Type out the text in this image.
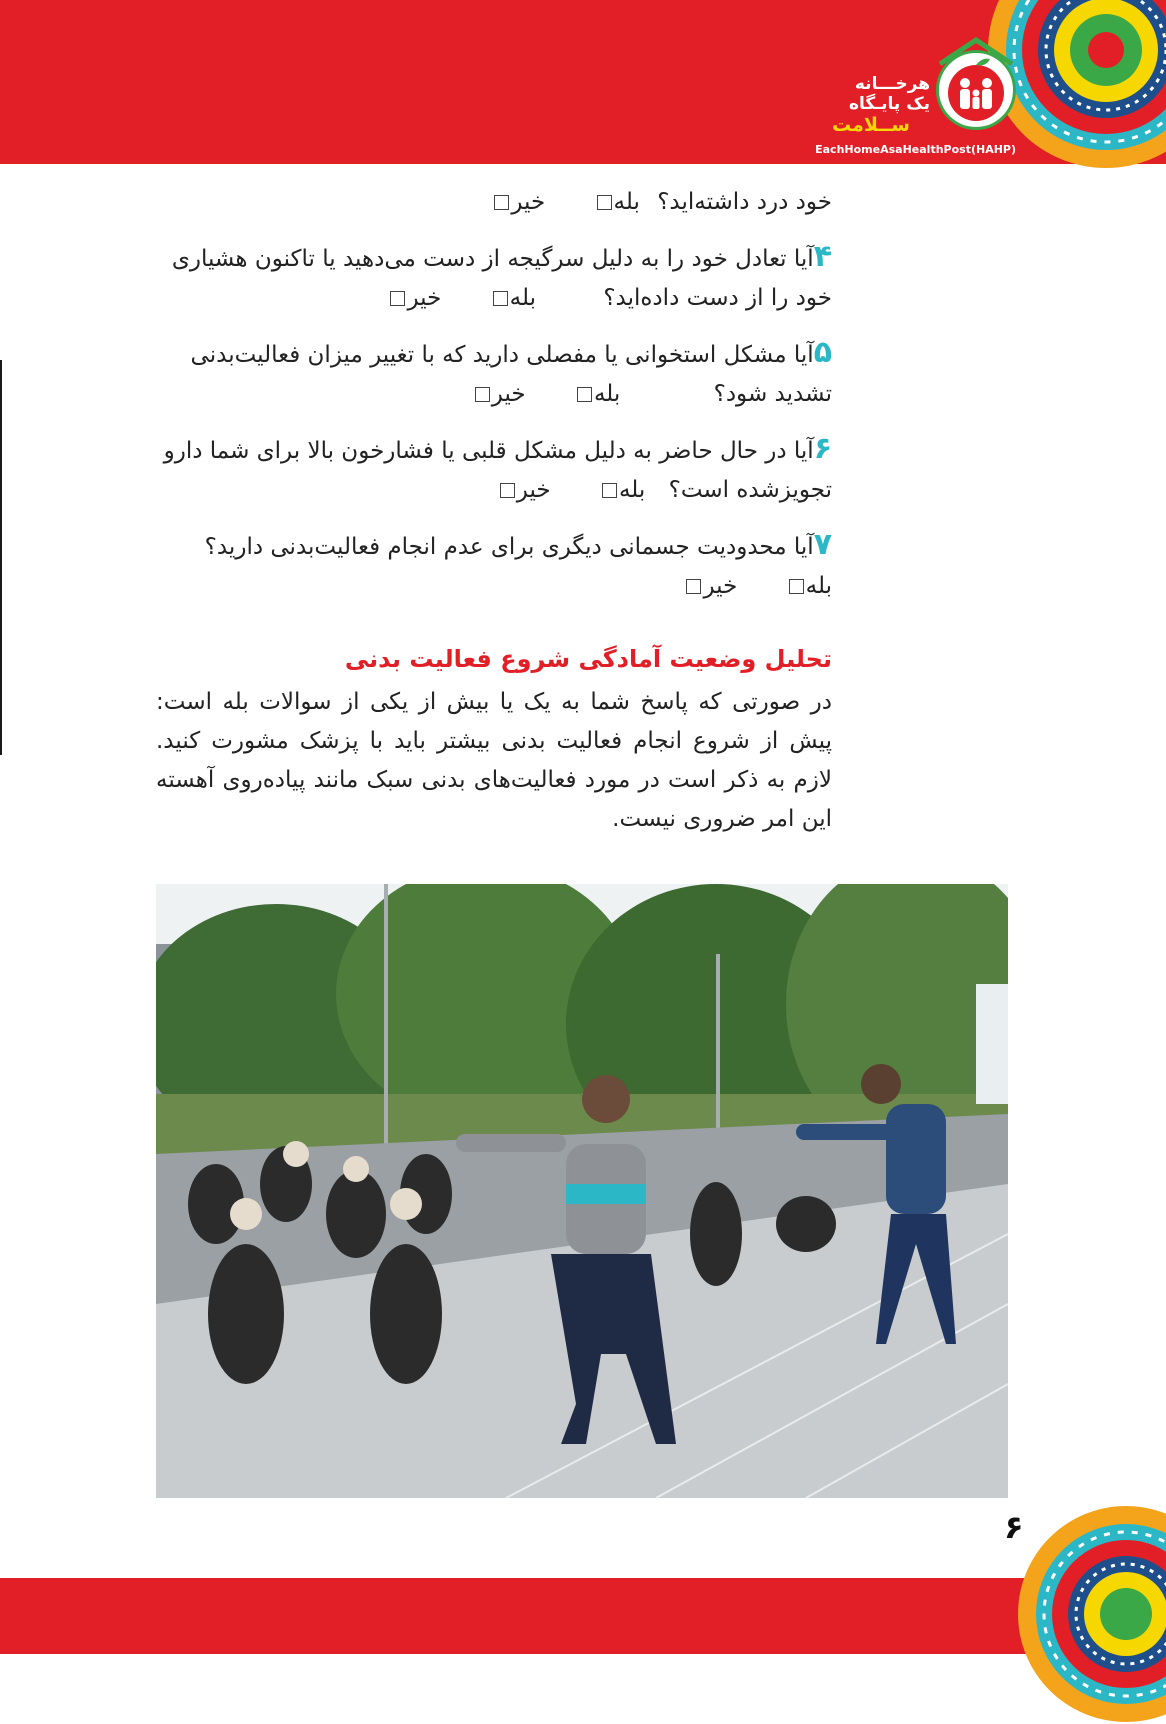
هرخـــانه
یک پایـگاه
ســلامت
EachHomeAsaHealthPost(HAHP)
خود درد داشته‌اید؟ بله خیر
۴آیا تعادل خود را به دلیل سرگیجه از دست می‌دهید یا تاکنون هشیاری
خود را از دست داده‌اید؟ بله خیر
۵آیا مشکل استخوانی یا مفصلی دارید که با تغییر میزان فعالیت‌بدنی
تشدید شود؟ بله خیر
۶آیا در حال حاضر به دلیل مشکل قلبی یا فشارخون بالا برای شما دارو
تجویزشده است؟ بله خیر
۷آیا محدودیت جسمانی دیگری برای عدم انجام فعالیت‌بدنی دارید؟
بله خیر
تحلیل وضعیت آمادگی شروع فعالیت بدنی

در صورتی که پاسخ شما به یک یا بیش از یکی از سوالات بله است: پیش از شروع انجام فعالیت بدنی بیشتر باید با پزشک مشورت کنید. لازم به ذکر است در مورد فعالیت‌های بدنی سبک مانند پیاده‌روی آهسته این امر ضروری نیست.

۶
